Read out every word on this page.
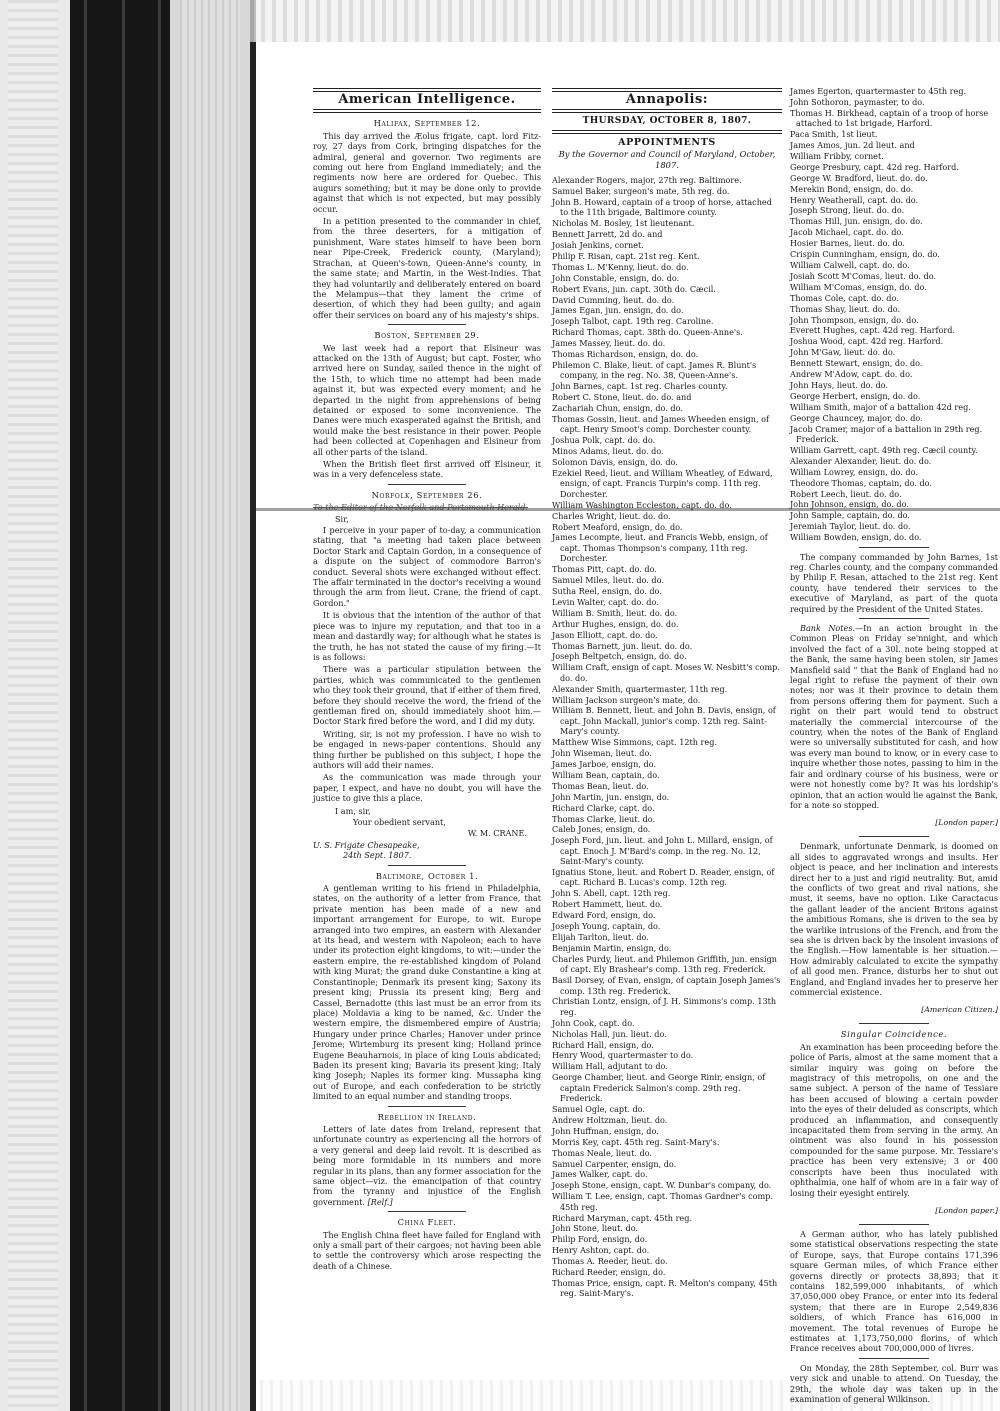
American Intelligence.
Halifax, September 12.

This day arrived the Æolus frigate, capt. lord Fitz-roy, 27 days from Cork, bringing dispatches for the admiral, general and governor. Two regiments are coming out here from England immediately; and the regiments now here are ordered for Quebec. This augurs something; but it may be done only to provide against that which is not expected, but may possibly occur.

In a petition presented to the commander in chief, from the three deserters, for a mitigation of punishment, Ware states himself to have been born near Pipe-Creek, Frederick county, (Maryland); Strachan, at Queen's-town, Queen-Anne's county, in the same state; and Martin, in the West-Indies. That they had voluntarily and deliberately entered on board the Melampus—that they lament the crime of desertion, of which they had been guilty; and again offer their services on board any of his majesty's ships.

Boston, September 29.

We last week had a report that Elsineur was attacked on the 13th of August; but capt. Foster, who arrived here on Sunday, sailed thence in the night of the 15th, to which time no attempt had been made against it, but was expected every moment; and he departed in the night from apprehensions of being detained or exposed to some inconvenience. The Danes were much exasperated against the British, and would make the best resistance in their power. People had been collected at Copenhagen and Elsineur from all other parts of the island.

When the British fleet first arrived off Elsineur, it was in a very defenceless state.

Norfolk, September 26.

To the Editor of the Norfolk and Portsmouth Herald.

Sir,

I perceive in your paper of to-day, a communication stating, that "a meeting had taken place between Doctor Stark and Captain Gordon, in a consequence of a dispute on the subject of commodore Barron's conduct. Several shots were exchanged without effect. The affair terminated in the doctor's receiving a wound through the arm from lieut. Crane, the friend of capt. Gordon."

It is obvious that the intention of the author of that piece was to injure my reputation, and that too in a mean and dastardly way; for although what he states is the truth, he has not stated the cause of my firing.—It is as follows:

There was a particular stipulation between the parties, which was communicated to the gentlemen who they took their ground, that if either of them fired, before they should receive the word, the friend of the gentleman fired on, should immediately shoot him.—Doctor Stark fired before the word, and I did my duty.

Writing, sir, is not my profession. I have no wish to be engaged in news-paper contentions. Should any thing further be published on this subject, I hope the authors will add their names.

As the communication was made through your paper, I expect, and have no doubt, you will have the justice to give this a place.

I am, sir,

Your obedient servant,

W. M. CRANE.

U. S. Frigate Chesapeake,

24th Sept. 1807.

Baltimore, October 1.

A gentleman writing to his friend in Philadelphia, states, on the authority of a letter from France, that private mention has been made of a new and important arrangement for Europe, to wit. Europe arranged into two empires, an eastern with Alexander at its head, and western with Napoleon; each to have under its protection eight kingdoms, to wit:—under the eastern empire, the re-established kingdom of Poland with king Murat; the grand duke Constantine a king at Constantinople; Denmark its present king; Saxony its present king; Prussia its present king; Berg and Cassel, Bernadotte (this last must be an error from its place) Moldavia a king to be named, &c. Under the western empire, the dismembered empire of Austria; Hungary under prince Charles; Hanover under prince Jerome; Wirtemburg its present king; Holland prince Eugene Beauharnois, in place of king Louis abdicated; Baden its present king; Bavaria its present king; Italy king Joseph; Naples its former king. Mussapha king out of Europe, and each confederation to be strictly limited to an equal number and standing troops.

Rebellion in Ireland.

Letters of late dates from Ireland, represent that unfortunate country as experiencing all the horrors of a very general and deep laid revolt. It is described as being more formidable in its numbers and more regular in its plans, than any former association for the same object—viz. the emancipation of that country from the tyranny and injustice of the English government. [Relf.]

China Fleet.

The English China fleet have failed for England with only a small part of their cargoes; not having been able to settle the controversy which arose respecting the death of a Chinese.

Annapolis:
THURSDAY, OCTOBER 8, 1807.
APPOINTMENTS
By the Governor and Council of Maryland, October, 1807.
Alexander Rogers, major, 27th reg. Baltimore.
Samuel Baker, surgeon's mate, 5th reg. do.
John B. Howard, captain of a troop of horse, attached to the 11th brigade, Baltimore county.
Nicholas M. Bosley, 1st lieutenant.
Bennett Jarrett, 2d do. and
Josiah Jenkins, cornet.
Philip F. Risan, capt. 21st reg. Kent.
Thomas L. M'Kenny, lieut. do. do.
John Constable, ensign, do. do.
Robert Evans, jun. capt. 30th do. Cæcil.
David Cumming, lieut. do. do.
James Egan, jun. ensign, do. do.
Joseph Talbot, capt. 19th reg. Caroline.
Richard Thomas, capt. 38th do. Queen-Anne's.
James Massey, lieut. do. do.
Thomas Richardson, ensign, do. do.
Philemon C. Blake, lieut. of capt. James R. Blunt's company, in the reg. No. 38, Queen-Anne's.
John Barnes, capt. 1st reg. Charles county.
Robert C. Stone, lieut. do. do. and
Zachariah Chun, ensign, do. do.
Thomas Gossin, lieut. and James Wheeden ensign, of capt. Henry Smoot's comp. Dorchester county.
Joshua Polk, capt. do. do.
Minos Adams, lieut. do. do.
Solomon Davis, ensign, do. do.
Ezekiel Reed, lieut. and William Wheatley, of Edward, ensign, of capt. Francis Turpin's comp. 11th reg. Dorchester.
William Washington Eccleston, capt. do. do.
Charles Wright, lieut. do. do.
Robert Meaford, ensign, do. do.
James Lecompte, lieut. and Francis Webb, ensign, of capt. Thomas Thompson's company, 11th reg. Dorchester.
Thomas Pitt, capt. do. do.
Samuel Miles, lieut. do. do.
Sutha Reel, ensign, do. do.
Levin Walter, capt. do. do.
William B. Smith, lieut. do. do.
Arthur Hughes, ensign, do. do.
Jason Elliott, capt. do. do.
Thomas Barnett, jun. lieut. do. do.
Joseph Beltpetch, ensign, do. do.
William Craft, ensign of capt. Moses W. Nesbitt's comp. do. do.
Alexander Smith, quartermaster, 11th reg.
William Jackson surgeon's mate, do.
William B. Bennett, lieut. and John B. Davis, ensign, of capt. John Mackall, junior's comp. 12th reg. Saint-Mary's county.
Matthew Wise Simmons, capt. 12th reg.
John Wiseman, lieut. do.
James Jarboe, ensign, do.
William Bean, captain, do.
Thomas Bean, lieut. do.
John Martin, jun. ensign, do.
Richard Clarke, capt. do.
Thomas Clarke, lieut. do.
Caleb Jones, ensign, do.
Joseph Ford, jun. lieut. and John L. Millard, ensign, of capt. Enoch J. M'Bard's comp. in the reg. No. 12, Saint-Mary's county.
Ignatius Stone, lieut. and Robert D. Reader, ensign, of capt. Richard B. Lucas's comp. 12th reg.
John S. Abell, capt. 12th reg.
Robert Hammett, lieut. do.
Edward Ford, ensign, do.
Joseph Young, captain, do.
Elijah Tarlton, lieut. do.
Benjamin Martin, ensign, do.
Charles Purdy, lieut. and Philemon Griffith, jun. ensign of capt. Ely Brashear's comp. 13th reg. Frederick.
Basil Dorsey, of Evan, ensign, of captain Joseph James's comp. 13th reg. Frederick.
Christian Lontz, ensign, of J. H. Simmons's comp. 13th reg.
John Cook, capt. do.
Nicholas Hall, jun. lieut. do.
Richard Hall, ensign, do.
Henry Wood, quartermaster to do.
William Hall, adjutant to do.
George Chamber, lieut. and George Rinir, ensign, of captain Frederick Salmon's comp. 29th reg. Frederick.
Samuel Ogle, capt. do.
Andrew Holtzman, lieut. do.
John Huffman, ensign, do.
Morris Key, capt. 45th reg. Saint-Mary's.
Thomas Neale, lieut. do.
Samuel Carpenter, ensign, do.
James Walker, capt. do.
Joseph Stone, ensign, capt. W. Dunbar's company, do.
William T. Lee, ensign, capt. Thomas Gardner's comp. 45th reg.
Richard Maryman, capt. 45th reg.
John Stone, lieut. do.
Philip Ford, ensign, do.
Henry Ashton, capt. do.
Thomas A. Reeder, lieut. do.
Richard Reeder, ensign, do.
Thomas Price, ensign, capt. R. Melton's company, 45th reg. Saint-Mary's.
James Egerton, quartermaster to 45th reg.
John Sothoron, paymaster, to do.
Thomas H. Birkhead, captain of a troop of horse attached to 1st brigade, Harford.
Paca Smith, 1st lieut.
James Amos, jun. 2d lieut. and
William Fribby, cornet.
George Presbury, capt. 42d reg. Harford.
George W. Bradford, lieut. do. do.
Merekin Bond, ensign, do. do.
Henry Weatherall, capt. do. do.
Joseph Strong, lieut. do. do.
Thomas Hill, jun. ensign, do. do.
Jacob Michael, capt. do. do.
Hosier Barnes, lieut. do. do.
Crispin Cunningham, ensign, do. do.
William Calwell, capt. do. do.
Josiah Scott M'Comas, lieut. do. do.
William M'Comas, ensign, do. do.
Thomas Cole, capt. do. do.
Thomas Shay, lieut. do. do.
John Thompson, ensign, do. do.
Everett Hughes, capt. 42d reg. Harford.
Joshua Wood, capt. 42d reg. Harford.
John M'Gaw, lieut. do. do.
Bennett Stewart, ensign, do. do.
Andrew M'Adow, capt. do. do.
John Hays, lieut. do. do.
George Herbert, ensign, do. do.
William Smith, major of a battalion 42d reg.
George Chauncey, major, do. do.
Jacob Cramer, major of a battalion in 29th reg. Frederick.
William Garrett, capt. 49th reg. Cæcil county.
Alexander Alexander, lieut. do. do.
William Lowrey, ensign, do. do.
Theodore Thomas, captain, do. do.
Robert Leech, lieut. do. do.
John Johnson, ensign, do. do.
John Sample, captain, do. do.
Jeremiah Taylor, lieut. do. do.
William Bowden, ensign, do. do.

The company commanded by John Barnes, 1st reg. Charles county, and the company commanded by Philip F. Resan, attached to the 21st reg. Kent county, have tendered their services to the executive of Maryland, as part of the quota required by the President of the United States.

Bank Notes.—In an action brought in the Common Pleas on Friday se'nnight, and which involved the fact of a 30l. note being stopped at the Bank, the same having been stolen, sir James Mansfield said " that the Bank of England had no legal right to refuse the payment of their own notes; nor was it their province to detain them from persons offering them for payment. Such a right on their part would tend to obstruct materially the commercial intercourse of the country, when the notes of the Bank of England were so universally substituted for cash, and how was every man bound to know, or in every case to inquire whether those notes, passing to him in the fair and ordinary course of his business, were or were not honestly come by? It was his lordship's opinion, that an action would lie against the Bank, for a note so stopped.

[London paper.]

Denmark, unfortunate Denmark, is doomed on all sides to aggravated wrongs and insults. Her object is peace, and her inclination and interests direct her to a just and rigid neutrality. But, amid the conflicts of two great and rival nations, she must, it seems, have no option. Like Caractacus the gallant leader of the ancient Britons against the ambitious Romans, she is driven to the sea by the warlike intrusions of the French, and from the sea she is driven back by the insolent invasions of the English.—How lamentable is her situation.—How admirably calculated to excite the sympathy of all good men. France, disturbs her to shut out England, and England invades her to preserve her commercial existence.

[American Citizen.]

Singular Coincidence.

An examination has been proceeding before the police of Paris, almost at the same moment that a similar inquiry was going on before the magistracy of this metropolis, on one and the same subject. A person of the name of Tessiare has been accused of blowing a certain powder into the eyes of their deluded as conscripts, which produced an inflammation, and consequently incapacitated them from serving in the army. An ointment was also found in his possession compounded for the same purpose. Mr. Tessiare's practice has been very extensive; 3 or 400 conscripts have been thus inoculated with ophthalmia, one half of whom are in a fair way of losing their eyesight entirely.

[London paper.]

A German author, who has lately published some statistical observations respecting the state of Europe, says, that Europe contains 171,396 square German miles, of which France either governs directly or protects 38,893; that it contains 182,599,000 inhabitants, of which 37,050,000 obey France, or enter into its federal system; that there are in Europe 2,549,836 soldiers, of which France has 616,000 in movement. The total revenues of Europe he estimates at 1,173,750,000 florins, of which France receives about 700,000,000 of livres.

On Monday, the 28th September, col. Burr was very sick and unable to attend. On Tuesday, the 29th, the whole day was taken up in the examination of general Wilkinson.
